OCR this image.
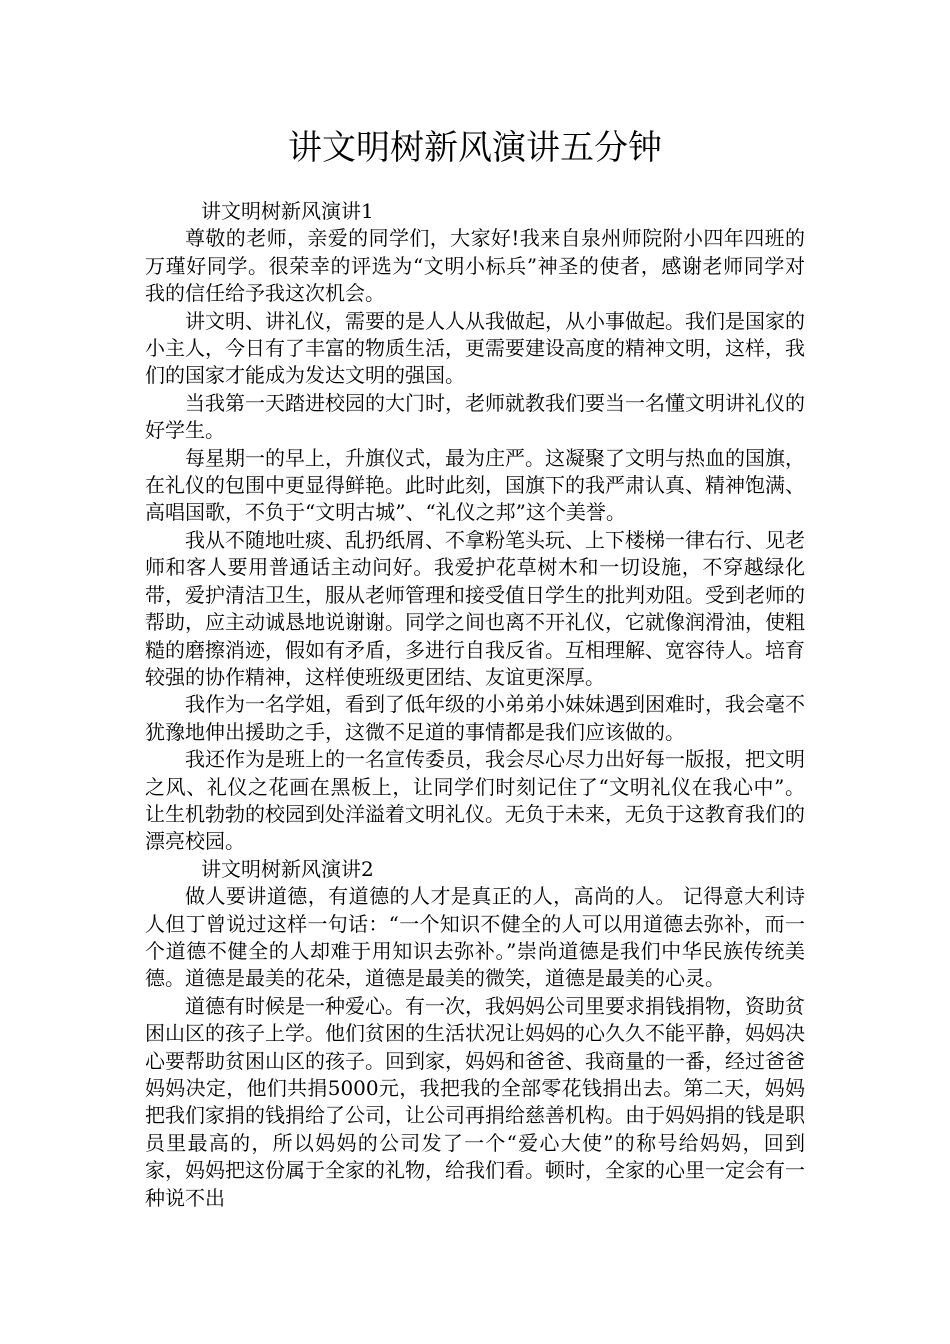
讲文明树新风演讲五分钟

讲文明树新风演讲1

尊敬的老师，亲爱的同学们，大家好!我来自泉州师院附小四年四班的万瑾好同学。很荣幸的评选为“文明小标兵”神圣的使者，感谢老师同学对我的信任给予我这次机会。

讲文明、讲礼仪，需要的是人人从我做起，从小事做起。我们是国家的小主人，今日有了丰富的物质生活，更需要建设高度的精神文明，这样，我们的国家才能成为发达文明的强国。

当我第一天踏进校园的大门时，老师就教我们要当一名懂文明讲礼仪的好学生。

每星期一的早上，升旗仪式，最为庄严。这凝聚了文明与热血的国旗，在礼仪的包围中更显得鲜艳。此时此刻，国旗下的我严肃认真、精神饱满、高唱国歌，不负于“文明古城”、“礼仪之邦”这个美誉。

我从不随地吐痰、乱扔纸屑、不拿粉笔头玩、上下楼梯一律右行、见老师和客人要用普通话主动问好。我爱护花草树木和一切设施，不穿越绿化带，爱护清洁卫生，服从老师管理和接受值日学生的批判劝阻。受到老师的帮助，应主动诚恳地说谢谢。同学之间也离不开礼仪，它就像润滑油，使粗糙的磨擦消迹，假如有矛盾，多进行自我反省。互相理解、宽容待人。培育较强的协作精神，这样使班级更团结、友谊更深厚。

我作为一名学姐，看到了低年级的小弟弟小妹妹遇到困难时，我会毫不犹豫地伸出援助之手，这微不足道的事情都是我们应该做的。

我还作为是班上的一名宣传委员，我会尽心尽力出好每一版报，把文明之风、礼仪之花画在黑板上，让同学们时刻记住了“文明礼仪在我心中”。让生机勃勃的校园到处洋溢着文明礼仪。无负于未来，无负于这教育我们的漂亮校园。

讲文明树新风演讲2

做人要讲道德，有道德的人才是真正的人，高尚的人。 记得意大利诗人但丁曾说过这样一句话：“一个知识不健全的人可以用道德去弥补，而一个道德不健全的人却难于用知识去弥补。”崇尚道德是我们中华民族传统美德。道德是最美的花朵，道德是最美的微笑，道德是最美的心灵。

道德有时候是一种爱心。有一次，我妈妈公司里要求捐钱捐物，资助贫困山区的孩子上学。他们贫困的生活状况让妈妈的心久久不能平静，妈妈决心要帮助贫困山区的孩子。回到家，妈妈和爸爸、我商量的一番，经过爸爸妈妈决定，他们共捐5000元，我把我的全部零花钱捐出去。第二天，妈妈把我们家捐的钱捐给了公司，让公司再捐给慈善机构。由于妈妈捐的钱是职员里最高的，所以妈妈的公司发了一个“爱心大使”的称号给妈妈，回到家，妈妈把这份属于全家的礼物，给我们看。顿时，全家的心里一定会有一种说不出
